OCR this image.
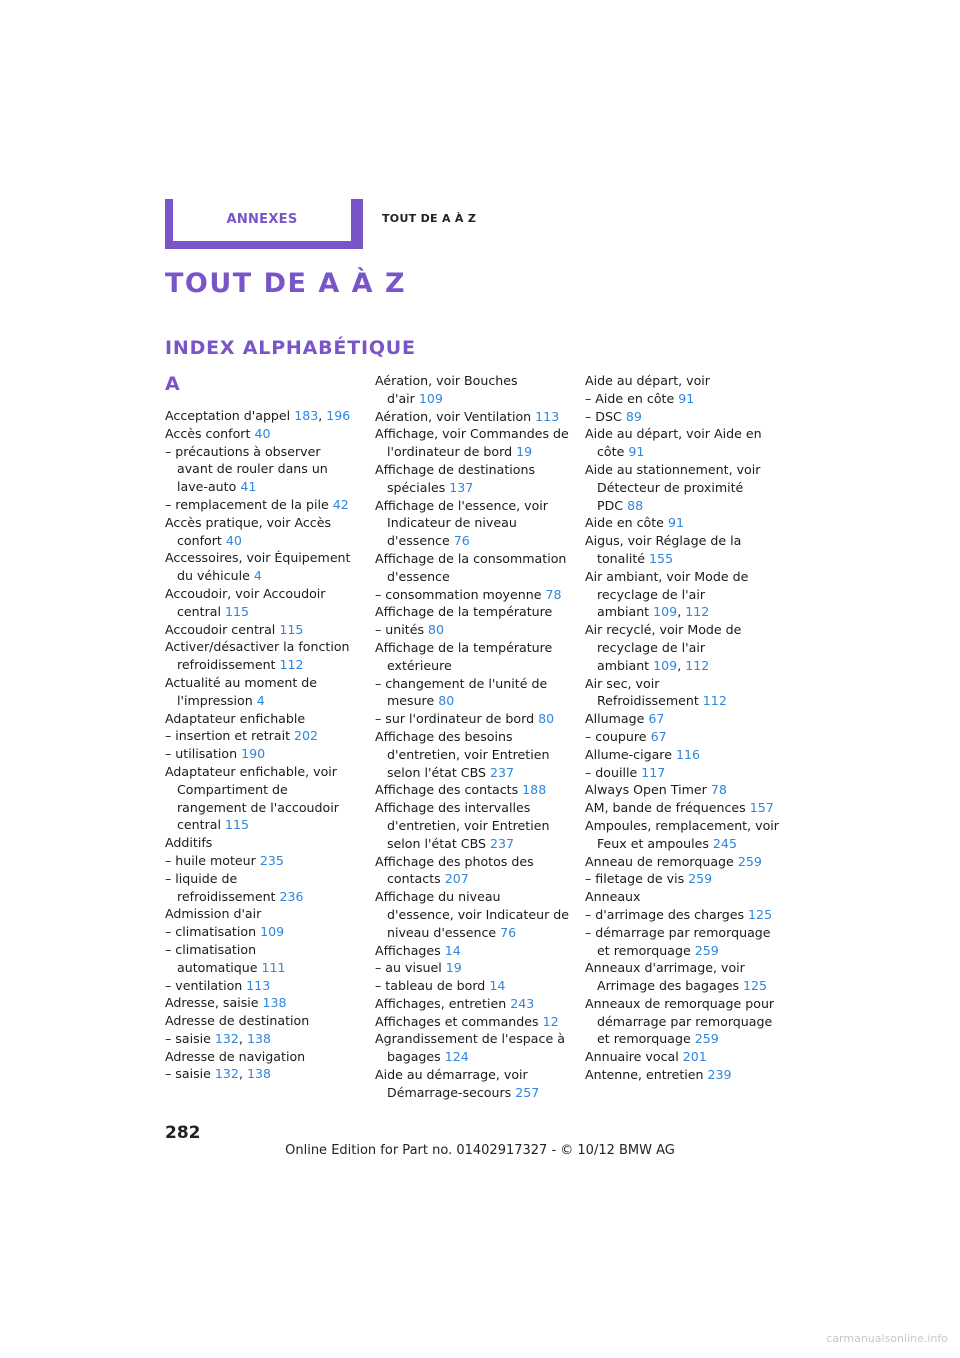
ANNEXES	TOUT DE A À Z
TOUT DE A À Z
INDEX ALPHABÉTIQUE
A
Acceptation d'appel 183, 196
Accès confort 40
– précautions à observer avant de rouler dans un lave-auto 41
– remplacement de la pile 42
Accès pratique, voir Accès confort 40
Accessoires, voir Équipement du véhicule 4
Accoudoir, voir Accoudoir central 115
Accoudoir central 115
Activer/désactiver la fonction refroidissement 112
Actualité au moment de l'impression 4
Adaptateur enfichable
– insertion et retrait 202
– utilisation 190
Adaptateur enfichable, voir Compartiment de rangement de l'accoudoir central 115
Additifs
– huile moteur 235
– liquide de refroidissement 236
Admission d'air
– climatisation 109
– climatisation automatique 111
– ventilation 113
Adresse, saisie 138
Adresse de destination
– saisie 132, 138
Adresse de navigation
– saisie 132, 138
Aération, voir Bouches d'air 109
Aération, voir Ventilation 113
Affichage, voir Commandes de l'ordinateur de bord 19
Affichage de destinations spéciales 137
Affichage de l'essence, voir Indicateur de niveau d'essence 76
Affichage de la consommation d'essence
– consommation moyenne 78
Affichage de la température
– unités 80
Affichage de la température extérieure
– changement de l'unité de mesure 80
– sur l'ordinateur de bord 80
Affichage des besoins d'entretien, voir Entretien selon l'état CBS 237
Affichage des contacts 188
Affichage des intervalles d'entretien, voir Entretien selon l'état CBS 237
Affichage des photos des contacts 207
Affichage du niveau d'essence, voir Indicateur de niveau d'essence 76
Affichages 14
– au visuel 19
– tableau de bord 14
Affichages, entretien 243
Affichages et commandes 12
Agrandissement de l'espace à bagages 124
Aide au démarrage, voir Démarrage-secours 257
Aide au départ, voir
– Aide en côte 91
– DSC 89
Aide au départ, voir Aide en côte 91
Aide au stationnement, voir Détecteur de proximité PDC 88
Aide en côte 91
Aigus, voir Réglage de la tonalité 155
Air ambiant, voir Mode de recyclage de l'air ambiant 109, 112
Air recyclé, voir Mode de recyclage de l'air ambiant 109, 112
Air sec, voir Refroidissement 112
Allumage 67
– coupure 67
Allume-cigare 116
– douille 117
Always Open Timer 78
AM, bande de fréquences 157
Ampoules, remplacement, voir Feux et ampoules 245
Anneau de remorquage 259
– filetage de vis 259
Anneaux
– d'arrimage des charges 125
– démarrage par remorquage et remorquage 259
Anneaux d'arrimage, voir Arrimage des bagages 125
Anneaux de remorquage pour démarrage par remorquage et remorquage 259
Annuaire vocal 201
Antenne, entretien 239
282
Online Edition for Part no. 01402917327 - © 10/12 BMW AG
carmanualsonline.info
